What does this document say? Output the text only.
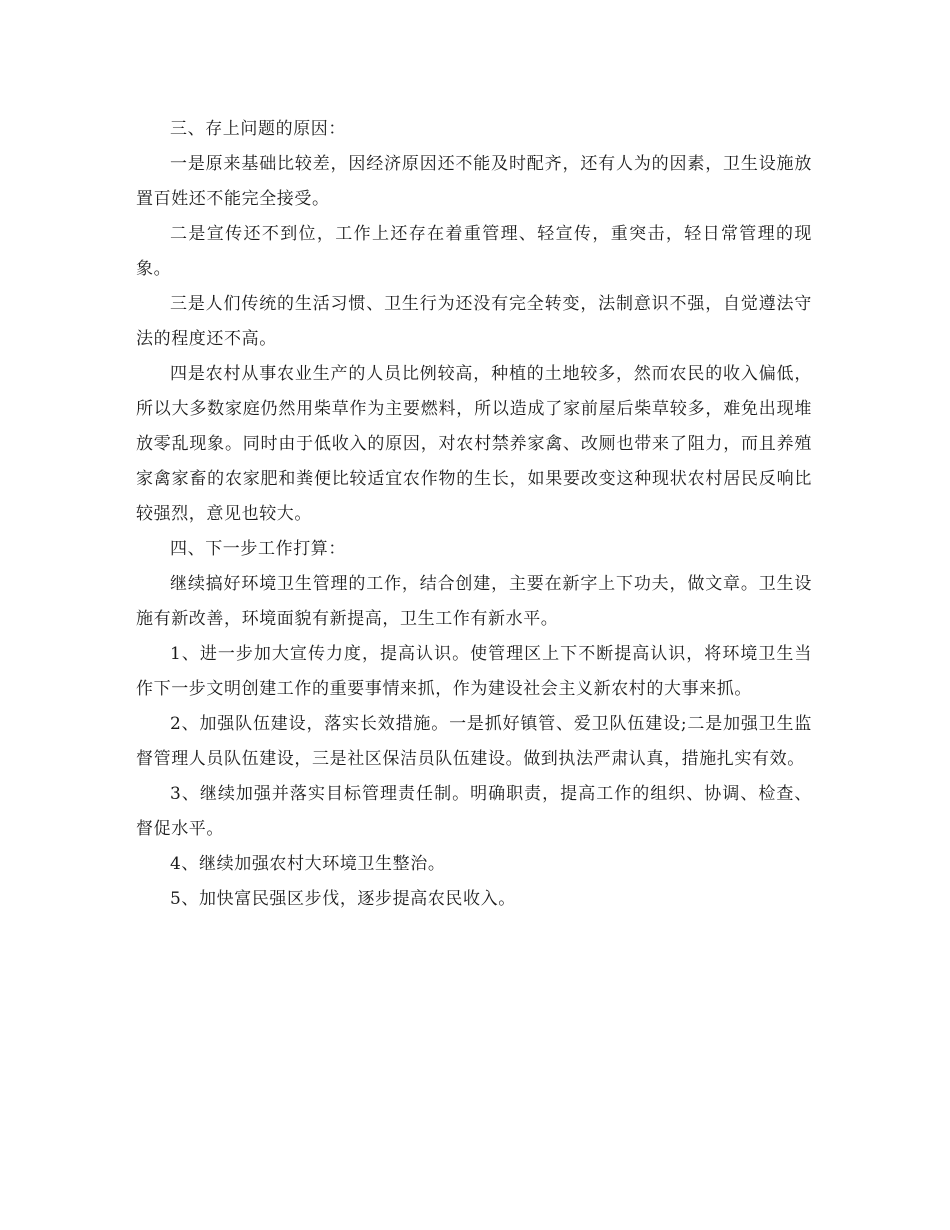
三、存上问题的原因：

一是原来基础比较差，因经济原因还不能及时配齐，还有人为的因素，卫生设施放置百姓还不能完全接受。

二是宣传还不到位，工作上还存在着重管理、轻宣传，重突击，轻日常管理的现象。

三是人们传统的生活习惯、卫生行为还没有完全转变，法制意识不强，自觉遵法守法的程度还不高。

四是农村从事农业生产的人员比例较高，种植的土地较多，然而农民的收入偏低，所以大多数家庭仍然用柴草作为主要燃料，所以造成了家前屋后柴草较多，难免出现堆放零乱现象。同时由于低收入的原因，对农村禁养家禽、改厕也带来了阻力，而且养殖家禽家畜的农家肥和粪便比较适宜农作物的生长，如果要改变这种现状农村居民反响比较强烈，意见也较大。

四、下一步工作打算：

继续搞好环境卫生管理的工作，结合创建，主要在新字上下功夫，做文章。卫生设施有新改善，环境面貌有新提高，卫生工作有新水平。

1、进一步加大宣传力度，提高认识。使管理区上下不断提高认识，将环境卫生当作下一步文明创建工作的重要事情来抓，作为建设社会主义新农村的大事来抓。

2、加强队伍建设，落实长效措施。一是抓好镇管、爱卫队伍建设;二是加强卫生监督管理人员队伍建设，三是社区保洁员队伍建设。做到执法严肃认真，措施扎实有效。

3、继续加强并落实目标管理责任制。明确职责，提高工作的组织、协调、检查、督促水平。

4、继续加强农村大环境卫生整治。

5、加快富民强区步伐，逐步提高农民收入。
